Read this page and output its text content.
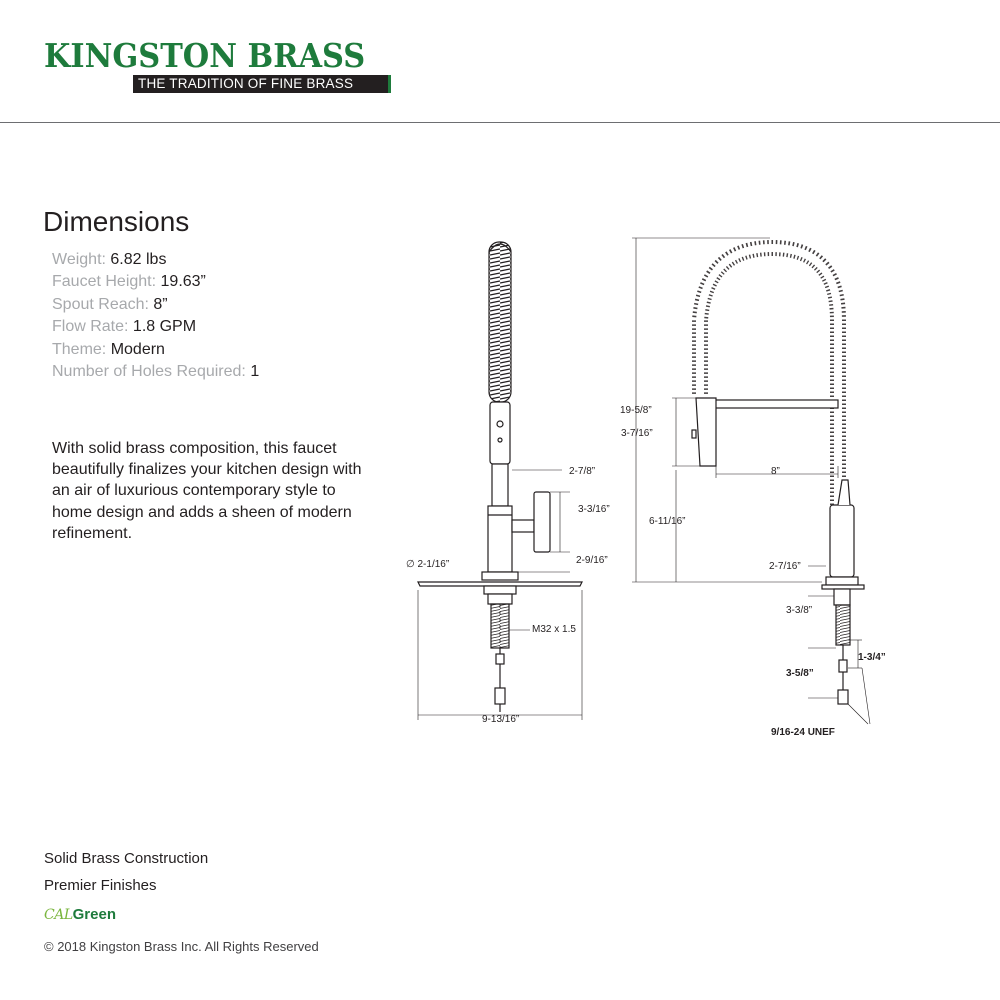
KINGSTON BRASS
THE TRADITION OF FINE BRASS
Dimensions
Weight: 6.82 lbs
Faucet Height: 19.63”
Spout Reach: 8”
Flow Rate: 1.8 GPM
Theme: Modern
Number of Holes Required: 1
With solid brass composition, this faucet beautifully finalizes your kitchen design with an air of luxurious contemporary style to home design and adds a sheen of modern refinement.
2-7/8”
3-3/16”
2-9/16”
∅ 2-1/16”
M32 x 1.5
9-13/16”
19-5/8”
3-7/16”
8”
6-11/16”
2-7/16”
3-3/8”
1-3/4”
3-5/8”
9/16-24 UNEF
Solid Brass Construction
Premier Finishes
CALGreen
© 2018 Kingston Brass Inc. All Rights Reserved
